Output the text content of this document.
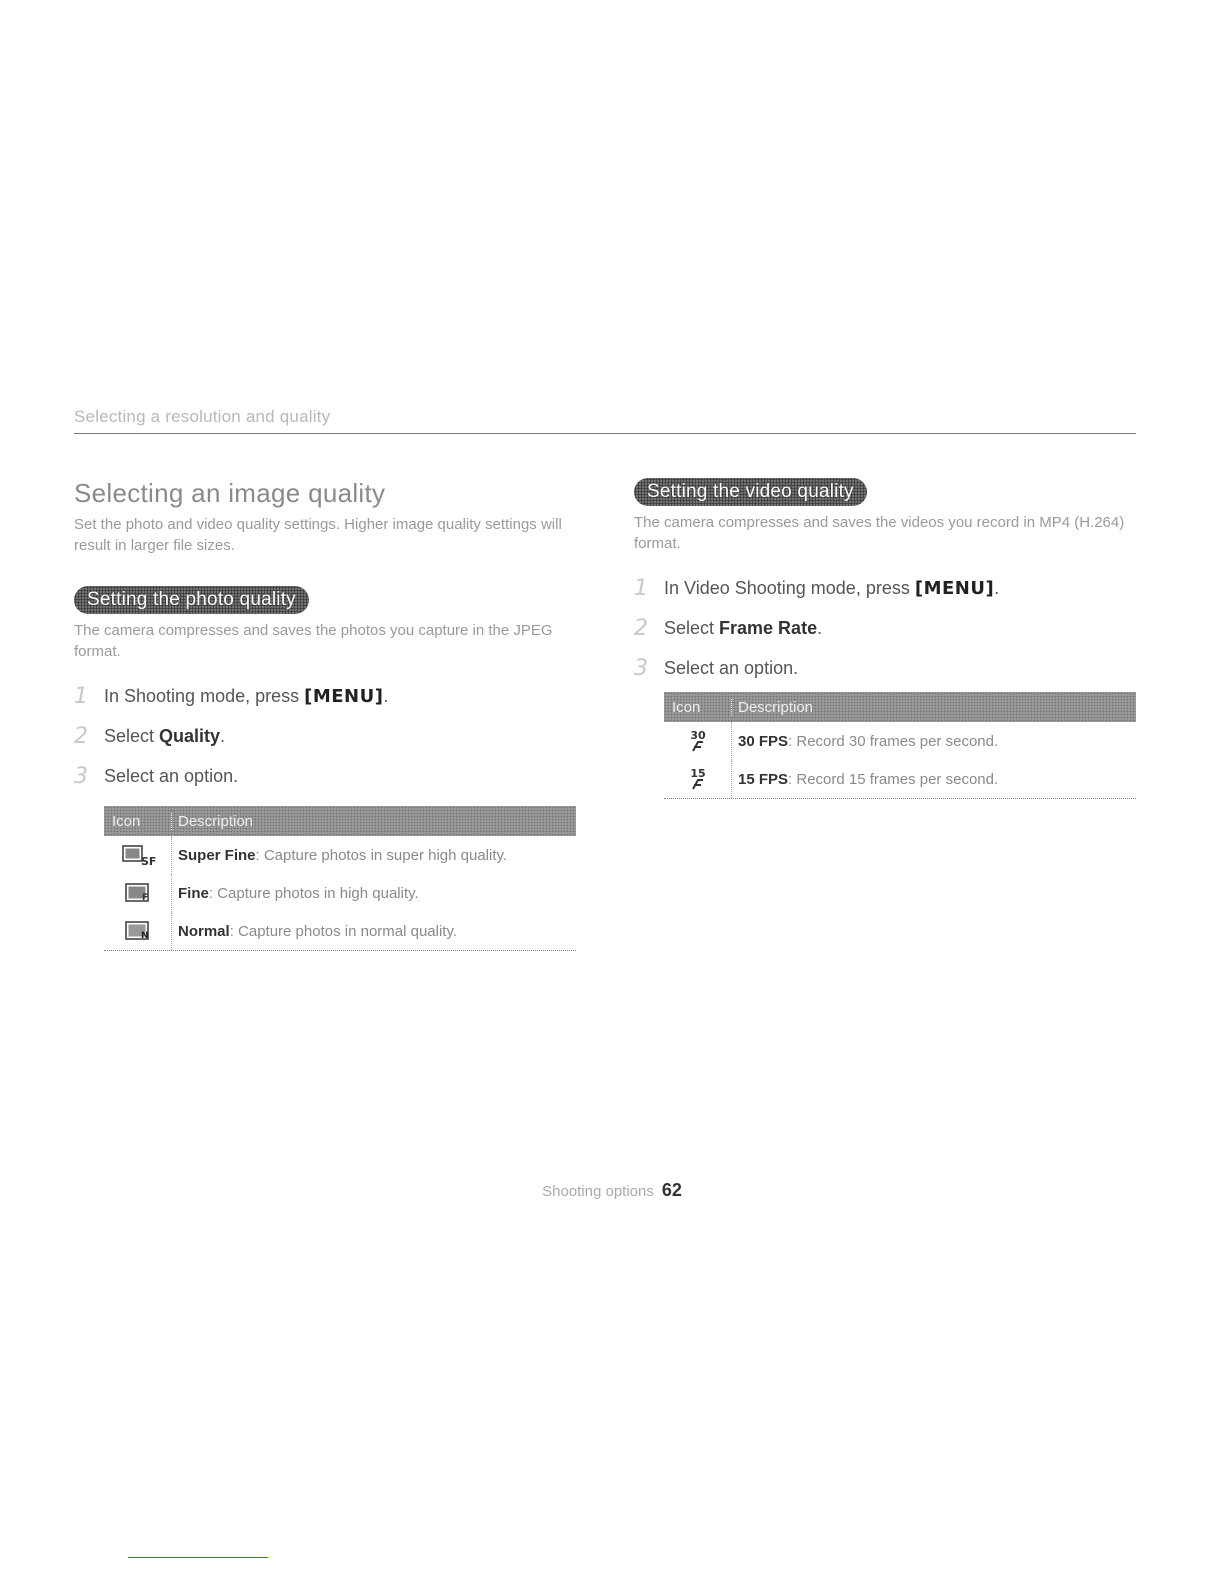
Selecting a resolution and quality
Selecting an image quality

Set the photo and video quality settings. Higher image quality settings will result in larger file sizes.

Setting the photo quality

The camera compresses and saves the photos you capture in the JPEG format.

1 In Shooting mode, press [MENU].
2 Select Quality.
3 Select an option.
Icon	Description
SF	Super Fine: Capture photos in super high quality.
F	Fine: Capture photos in high quality.
N	Normal: Capture photos in normal quality.
Setting the video quality

The camera compresses and saves the videos you record in MP4 (H.264) format.

1 In Video Shooting mode, press [MENU].
2 Select Frame Rate.
3 Select an option.
Icon	Description
30	30 FPS: Record 30 frames per second.
15	15 FPS: Record 15 frames per second.
Shooting options 62
